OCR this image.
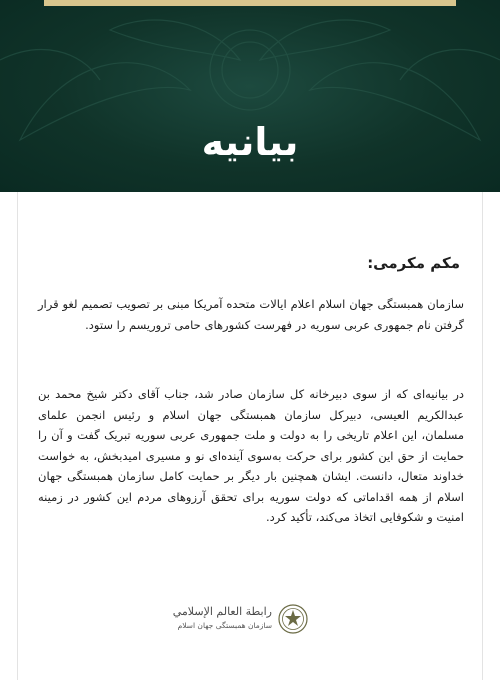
بیانیه
مکم مکرمی:
سازمان همبستگی جهان اسلام اعلام ایالات متحده آمریکا مبنی بر تصویب تصمیم لغو قرار گرفتن نام جمهوری عربی سوریه در فهرست کشورهای حامی تروریسم را ستود.
در بیانیه‌ای که از سوی دبیرخانه کل سازمان صادر شد، جناب آقای دکتر شیخ محمد بن عبدالکریم العیسی، دبیرکل سازمان همبستگی جهان اسلام و رئیس انجمن علمای مسلمان، این اعلام تاریخی را به دولت و ملت جمهوری عربی سوریه تبریک گفت و آن را حمایت از حق این کشور برای حرکت به‌سوی آینده‌ای نو و مسیری امیدبخش، به خواست خداوند متعال، دانست. ایشان همچنین بار دیگر بر حمایت کامل سازمان همبستگی جهان اسلام از همه اقداماتی که دولت سوریه برای تحقق آرزوهای مردم این کشور در زمینه امنیت و شکوفایی اتخاذ می‌کند، تأکید کرد.
رابطة العالم الإسلامي
سازمان همبستگی جهان اسلام
